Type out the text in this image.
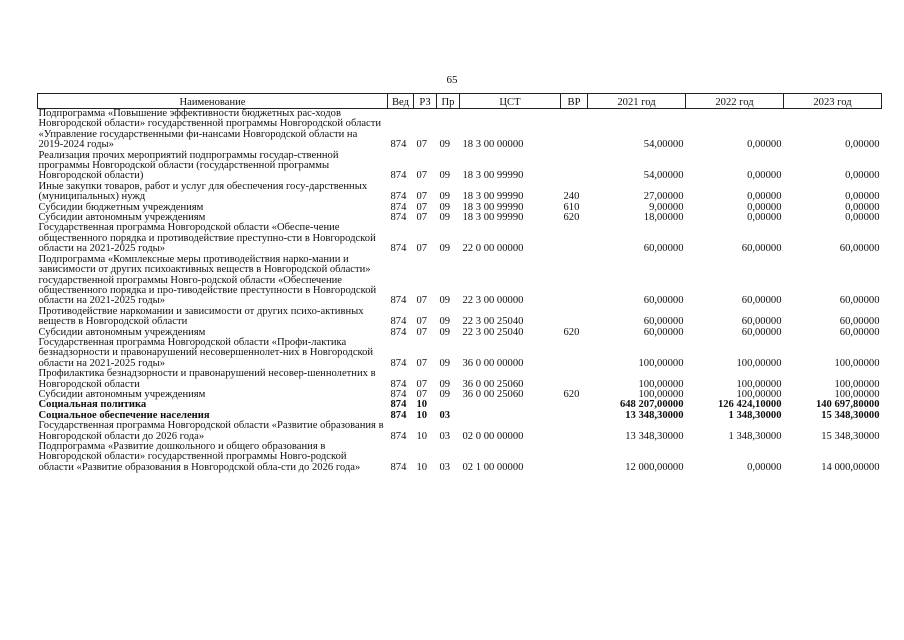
65
Наименование	Вед	РЗ	Пр	ЦСТ	ВР	2021 год	2022 год	2023 год
Подпрограмма «Повышение эффективности бюджетных рас-ходов Новгородской области» государственной программы Новгородской области «Управление государственными фи-нансами Новгородской области на 2019-2024 годы»	874	07	09	18 3 00 00000		54,00000	0,00000	0,00000
Реализация прочих мероприятий подпрограммы государ-ственной программы Новгородской области (государственной программы Новгородской области)	874	07	09	18 3 00 99990		54,00000	0,00000	0,00000
Иные закупки товаров, работ и услуг для обеспечения госу-дарственных (муниципальных) нужд	874	07	09	18 3 00 99990	240	27,00000	0,00000	0,00000
Субсидии бюджетным учреждениям	874	07	09	18 3 00 99990	610	9,00000	0,00000	0,00000
Субсидии автономным учреждениям	874	07	09	18 3 00 99990	620	18,00000	0,00000	0,00000
Государственная программа Новгородской области «Обеспе-чение общественного порядка и противодействие преступно-сти в Новгородской области на 2021-2025 годы»	874	07	09	22 0 00 00000		60,00000	60,00000	60,00000
Подпрограмма «Комплексные меры противодействия нарко-мании и зависимости от других психоактивных веществ в Новгородской области» государственной программы Новго-родской области «Обеспечение общественного порядка и про-тиводействие преступности в Новгородской области на 2021-2025 годы»	874	07	09	22 3 00 00000		60,00000	60,00000	60,00000
Противодействие наркомании и зависимости от других психо-активных веществ в Новгородской области	874	07	09	22 3 00 25040		60,00000	60,00000	60,00000
Субсидии автономным учреждениям	874	07	09	22 3 00 25040	620	60,00000	60,00000	60,00000
Государственная программа Новгородской области «Профи-лактика безнадзорности и правонарушений несовершеннолет-них в Новгородской области на 2021-2025 годы»	874	07	09	36 0 00 00000		100,00000	100,00000	100,00000
Профилактика безнадзорности и правонарушений несовер-шеннолетних в Новгородской области	874	07	09	36 0 00 25060		100,00000	100,00000	100,00000
Субсидии автономным учреждениям	874	07	09	36 0 00 25060	620	100,00000	100,00000	100,00000
Социальная политика	874	10				648 207,00000	126 424,10000	140 697,80000
Социальное обеспечение населения	874	10	03			13 348,30000	1 348,30000	15 348,30000
Государственная программа Новгородской области «Развитие образования в Новгородской области до 2026 года»	874	10	03	02 0 00 00000		13 348,30000	1 348,30000	15 348,30000
Подпрограмма «Развитие дошкольного и общего образования в Новгородской области» государственной программы Новго-родской области «Развитие образования в Новгородской обла-сти до 2026 года»	874	10	03	02 1 00 00000		12 000,00000	0,00000	14 000,00000
